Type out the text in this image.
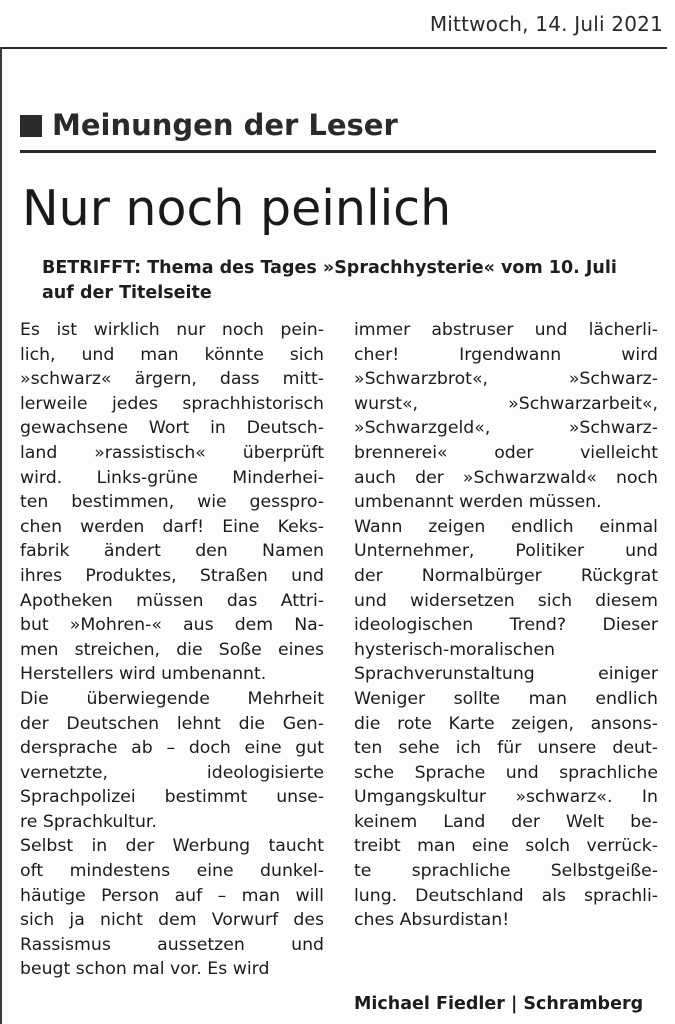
Mittwoch, 14. Juli 2021
Meinungen der Leser
Nur noch peinlich
BETRIFFT: Thema des Tages »Sprachhysterie« vom 10. Juli
auf der Titelseite
Es ist wirklich nur noch pein-
lich, und man könnte sich
»schwarz« ärgern, dass mitt-
lerweile jedes sprachhistorisch
gewachsene Wort in Deutsch-
land »rassistisch« überprüft
wird. Links-grüne Minderhei-
ten bestimmen, wie gesspro-
chen werden darf! Eine Keks-
fabrik ändert den Namen
ihres Produktes, Straßen und
Apotheken müssen das Attri-
but »Mohren-« aus dem Na-
men streichen, die Soße eines
Herstellers wird umbenannt.
Die überwiegende Mehrheit
der Deutschen lehnt die Gen-
dersprache ab – doch eine gut
vernetzte, ideologisierte
Sprachpolizei bestimmt unse-
re Sprachkultur.
Selbst in der Werbung taucht
oft mindestens eine dunkel-
häutige Person auf – man will
sich ja nicht dem Vorwurf des
Rassismus aussetzen und
beugt schon mal vor. Es wird
immer abstruser und lächerli-
cher! Irgendwann wird
»Schwarzbrot«, »Schwarz-
wurst«, »Schwarzarbeit«,
»Schwarzgeld«, »Schwarz-
brennerei« oder vielleicht
auch der »Schwarzwald« noch
umbenannt werden müssen.
Wann zeigen endlich einmal
Unternehmer, Politiker und
der Normalbürger Rückgrat
und widersetzen sich diesem
ideologischen Trend? Dieser
hysterisch-moralischen
Sprachverunstaltung einiger
Weniger sollte man endlich
die rote Karte zeigen, ansons-
ten sehe ich für unsere deut-
sche Sprache und sprachliche
Umgangskultur »schwarz«. In
keinem Land der Welt be-
treibt man eine solch verrück-
te sprachliche Selbstgeiße-
lung. Deutschland als sprachli-
ches Absurdistan!
Michael Fiedler | Schramberg
